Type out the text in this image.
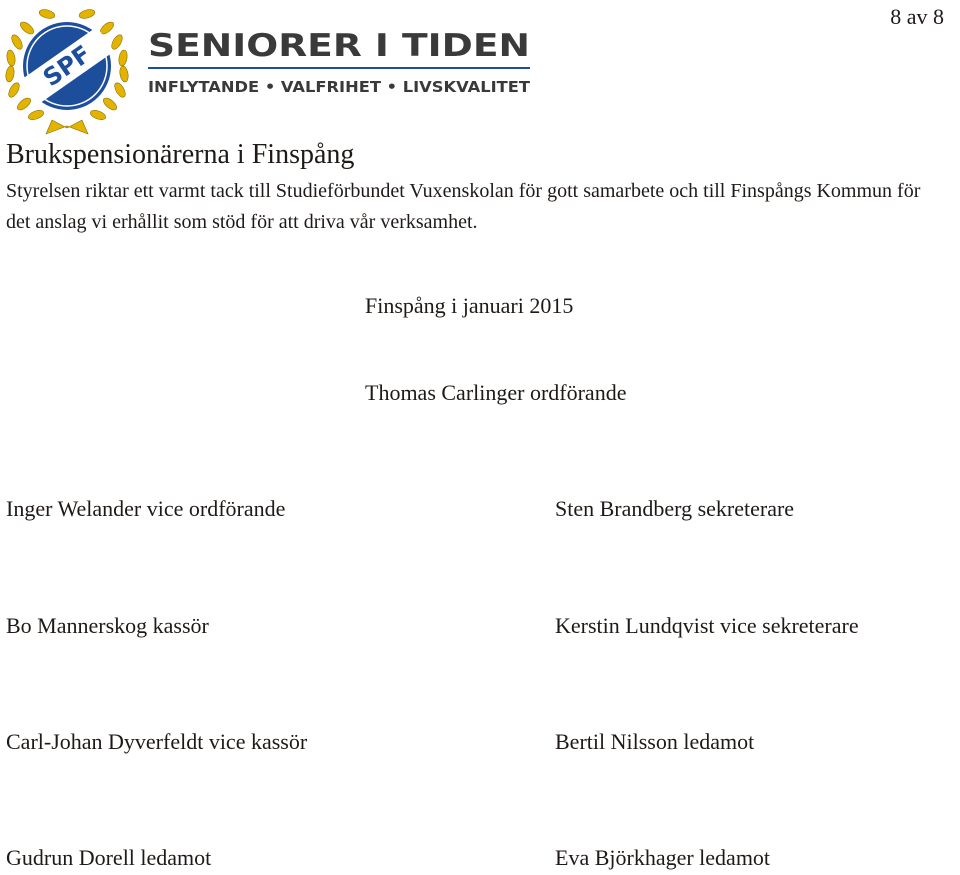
8 av 8
SPF SENIORER I TIDEN
INFLYTANDE • VALFRIHET • LIVSKVALITET
Brukspensionärerna i Finspång

Styrelsen riktar ett varmt tack till Studieförbundet Vuxenskolan för gott samarbete och till Finspångs Kommun för det anslag vi erhållit som stöd för att driva vår verksamhet.

Finspång i januari 2015
Thomas Carlinger ordförande
Inger Welander vice ordförande	Sten Brandberg sekreterare
Bo Mannerskog kassör	Kerstin Lundqvist vice sekreterare
Carl-Johan Dyverfeldt vice kassör	Bertil Nilsson ledamot
Gudrun Dorell ledamot	Eva Björkhager ledamot
